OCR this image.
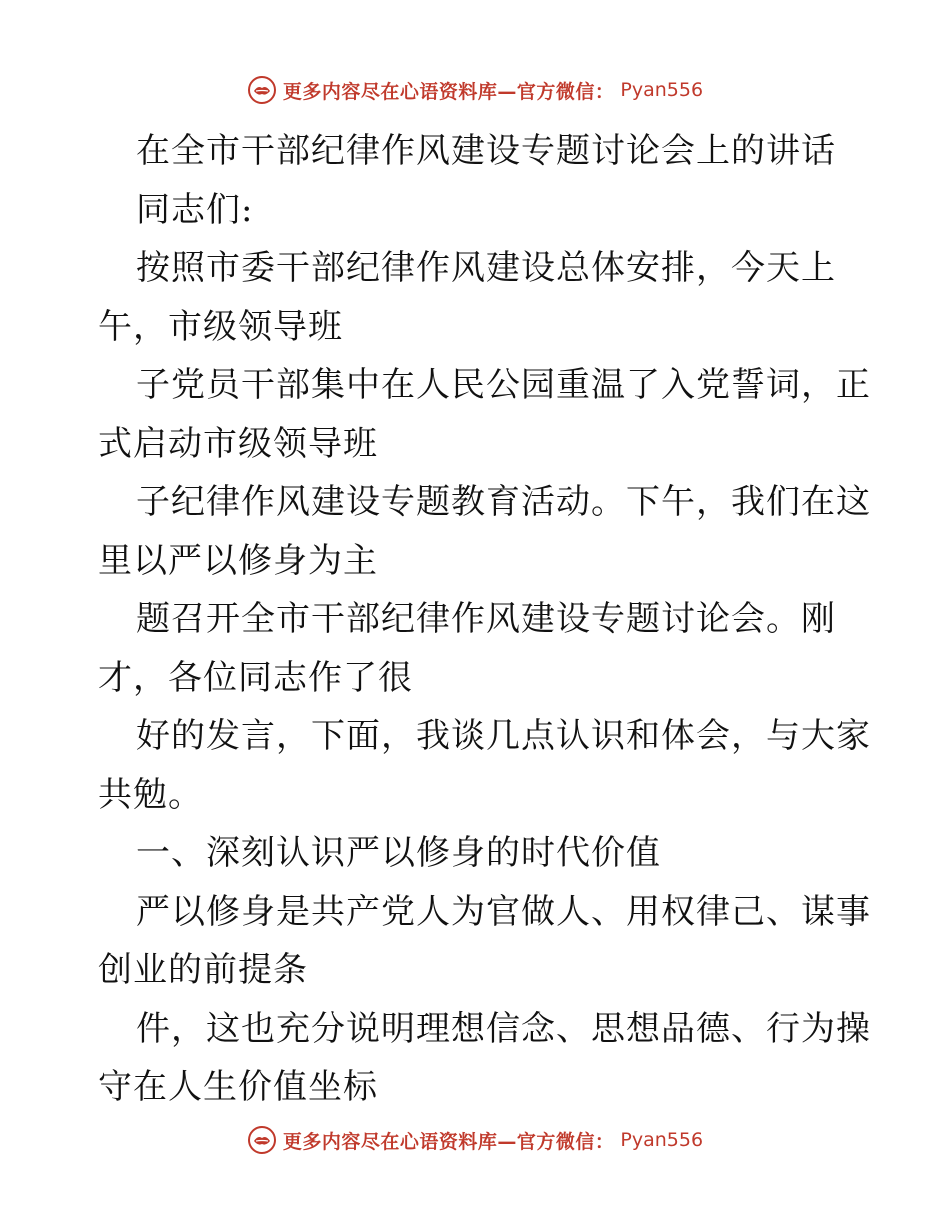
更多内容尽在心语资料库—官方微信： Pyan556
在全市干部纪律作风建设专题讨论会上的讲话
同志们:
按照市委干部纪律作风建设总体安排，今天上
午，市级领导班
子党员干部集中在人民公园重温了入党誓词，正
式启动市级领导班
子纪律作风建设专题教育活动。下午，我们在这
里以严以修身为主
题召开全市干部纪律作风建设专题讨论会。刚
才，各位同志作了很
好的发言，下面，我谈几点认识和体会，与大家
共勉。
一、深刻认识严以修身的时代价值
严以修身是共产党人为官做人、用权律己、谋事
创业的前提条
件，这也充分说明理想信念、思想品德、行为操
守在人生价值坐标
更多内容尽在心语资料库—官方微信： Pyan556
